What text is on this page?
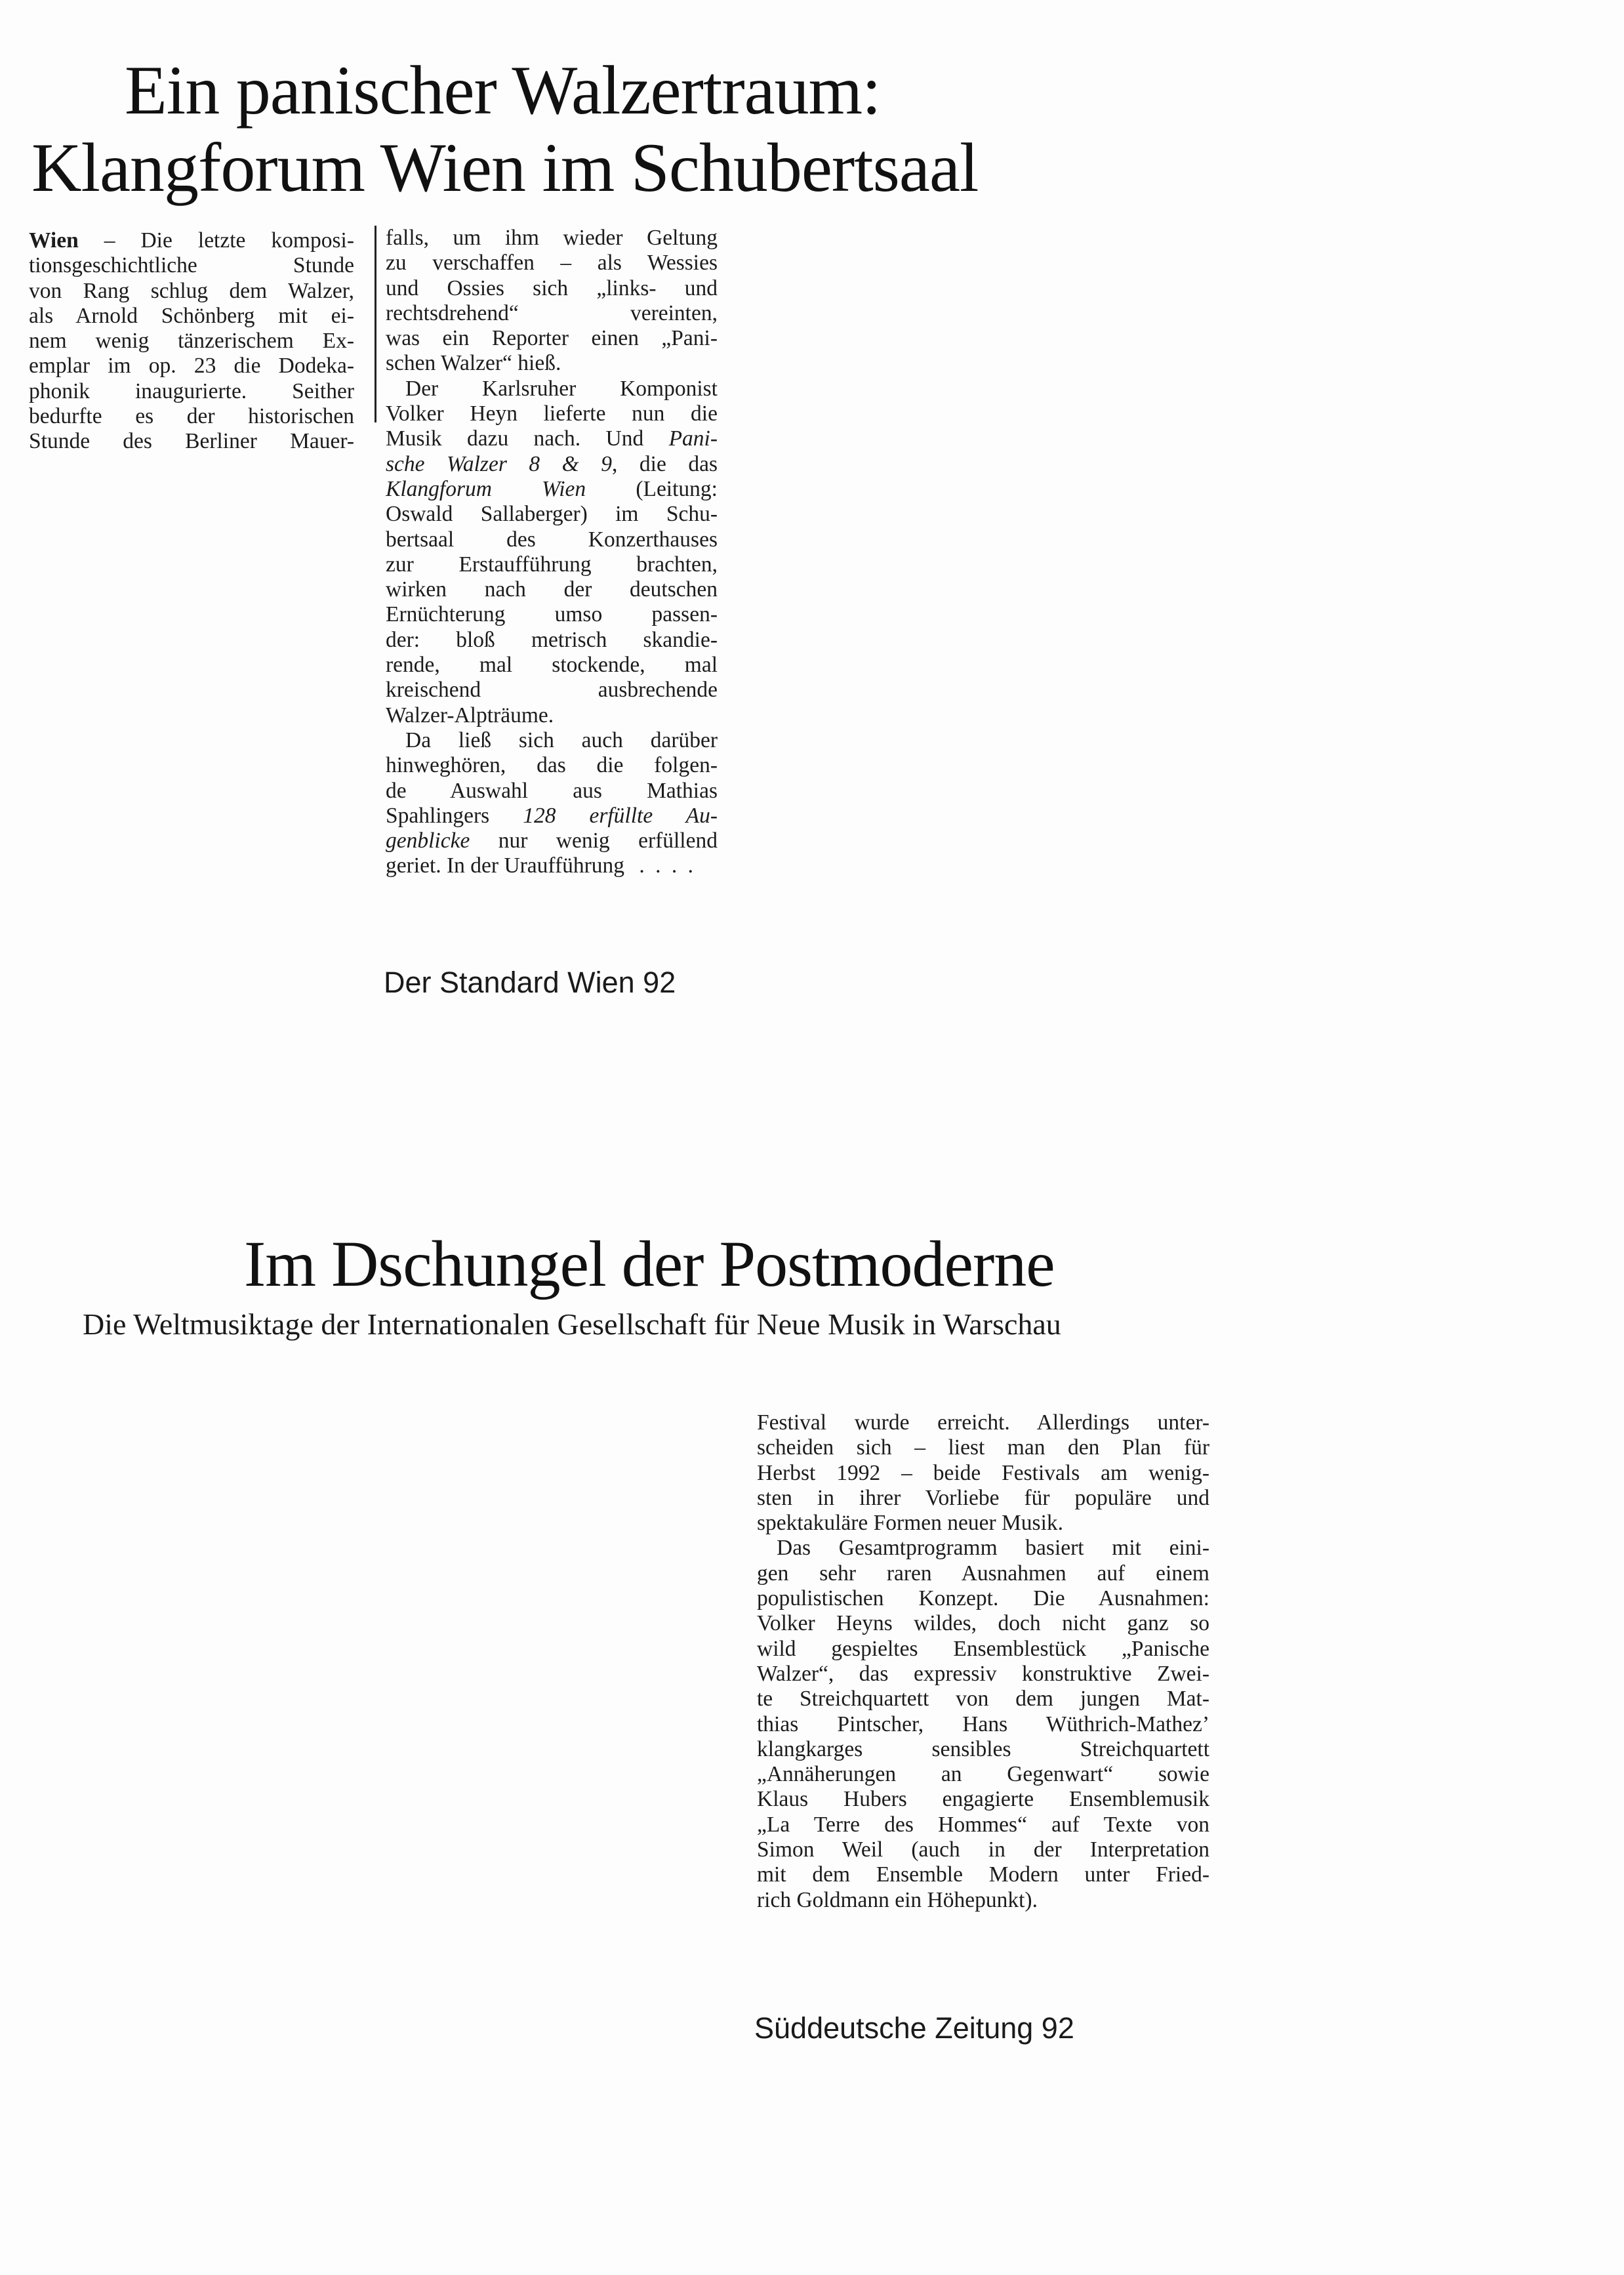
Ein panischer Walzertraum:
Klangforum Wien im Schubertsaal
Wien – Die letzte komposi-
tionsgeschichtliche Stunde
von Rang schlug dem Walzer,
als Arnold Schönberg mit ei-
nem wenig tänzerischem Ex-
emplar im op. 23 die Dodeka-
phonik inaugurierte. Seither
bedurfte es der historischen
Stunde des Berliner Mauer-
falls, um ihm wieder Geltung
zu verschaffen – als Wessies
und Ossies sich „links- und
rechtsdrehend“ vereinten,
was ein Reporter einen „Pani-
schen Walzer“ hieß.
Der Karlsruher Komponist
Volker Heyn lieferte nun die
Musik dazu nach. Und Pani-
sche Walzer 8 & 9, die das
Klangforum Wien (Leitung:
Oswald Sallaberger) im Schu-
bertsaal des Konzerthauses
zur Erstaufführung brachten,
wirken nach der deutschen
Ernüchterung umso passen-
der: bloß metrisch skandie-
rende, mal stockende, mal
kreischend ausbrechende
Walzer-Alpträume.
Da ließ sich auch darüber
hinweghören, das die folgen-
de Auswahl aus Mathias
Spahlingers 128 erfüllte Au-
genblicke nur wenig erfüllend
geriet. In der Uraufführung . . . .
Der Standard Wien 92
Im Dschungel der Postmoderne
Die Weltmusiktage der Internationalen Gesellschaft für Neue Musik in Warschau
Festival wurde erreicht. Allerdings unter-
scheiden sich – liest man den Plan für
Herbst 1992 – beide Festivals am wenig-
sten in ihrer Vorliebe für populäre und
spektakuläre Formen neuer Musik.
Das Gesamtprogramm basiert mit eini-
gen sehr raren Ausnahmen auf einem
populistischen Konzept. Die Ausnahmen:
Volker Heyns wildes, doch nicht ganz so
wild gespieltes Ensemblestück „Panische
Walzer“, das expressiv konstruktive Zwei-
te Streichquartett von dem jungen Mat-
thias Pintscher, Hans Wüthrich-Mathez’
klangkarges sensibles Streichquartett
„Annäherungen an Gegenwart“ sowie
Klaus Hubers engagierte Ensemblemusik
„La Terre des Hommes“ auf Texte von
Simon Weil (auch in der Interpretation
mit dem Ensemble Modern unter Fried-
rich Goldmann ein Höhepunkt).
Süddeutsche Zeitung 92
